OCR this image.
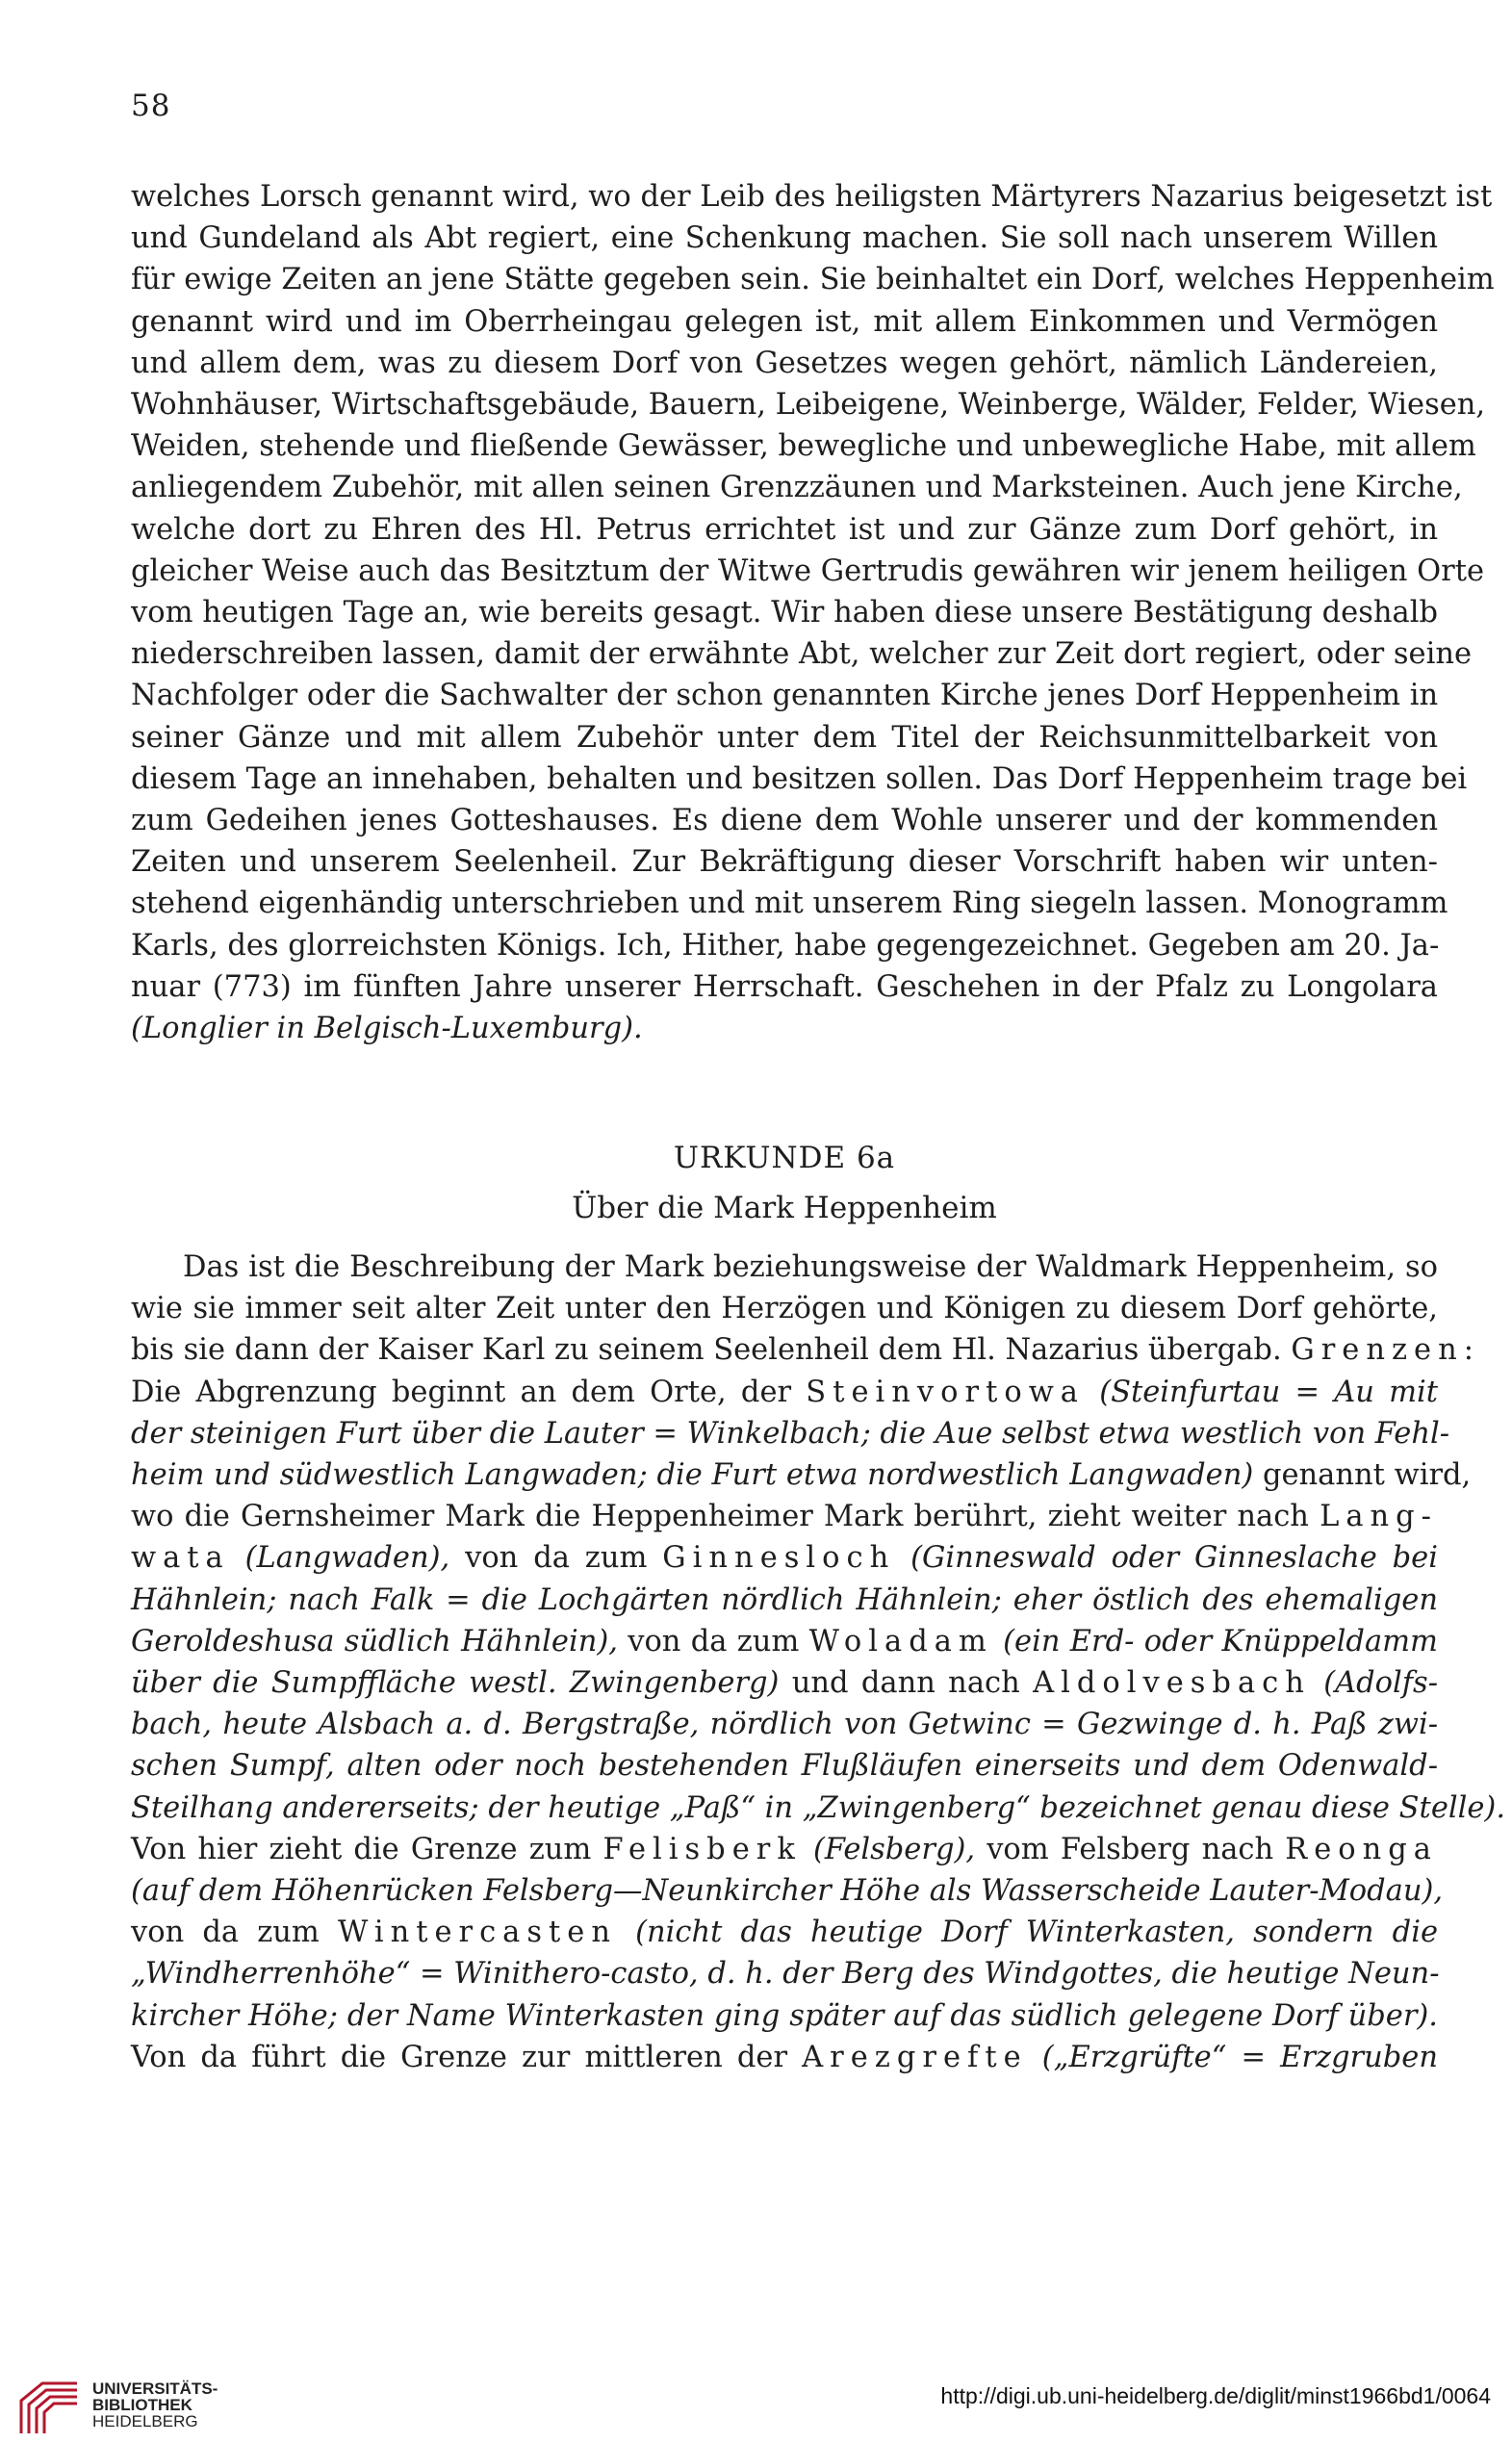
58
welches Lorsch genannt wird, wo der Leib des heiligsten Märtyrers Nazarius beigesetzt ist
und Gundeland als Abt regiert, eine Schenkung machen. Sie soll nach unserem Willen
für ewige Zeiten an jene Stätte gegeben sein. Sie beinhaltet ein Dorf, welches Heppenheim
genannt wird und im Oberrheingau gelegen ist, mit allem Einkommen und Vermögen
und allem dem, was zu diesem Dorf von Gesetzes wegen gehört, nämlich Ländereien,
Wohnhäuser, Wirtschaftsgebäude, Bauern, Leibeigene, Weinberge, Wälder, Felder, Wiesen,
Weiden, stehende und fließende Gewässer, bewegliche und unbewegliche Habe, mit allem
anliegendem Zubehör, mit allen seinen Grenzzäunen und Marksteinen. Auch jene Kirche,
welche dort zu Ehren des Hl. Petrus errichtet ist und zur Gänze zum Dorf gehört, in
gleicher Weise auch das Besitztum der Witwe Gertrudis gewähren wir jenem heiligen Orte
vom heutigen Tage an, wie bereits gesagt. Wir haben diese unsere Bestätigung deshalb
niederschreiben lassen, damit der erwähnte Abt, welcher zur Zeit dort regiert, oder seine
Nachfolger oder die Sachwalter der schon genannten Kirche jenes Dorf Heppenheim in
seiner Gänze und mit allem Zubehör unter dem Titel der Reichsunmittelbarkeit von
diesem Tage an innehaben, behalten und besitzen sollen. Das Dorf Heppenheim trage bei
zum Gedeihen jenes Gotteshauses. Es diene dem Wohle unserer und der kommenden
Zeiten und unserem Seelenheil. Zur Bekräftigung dieser Vorschrift haben wir unten-
stehend eigenhändig unterschrieben und mit unserem Ring siegeln lassen. Monogramm
Karls, des glorreichsten Königs. Ich, Hither, habe gegengezeichnet. Gegeben am 20. Ja-
nuar (773) im fünften Jahre unserer Herrschaft. Geschehen in der Pfalz zu Longolara
(Longlier in Belgisch-Luxemburg).
URKUNDE 6a
Über die Mark Heppenheim
Das ist die Beschreibung der Mark beziehungsweise der Waldmark Heppenheim, so
wie sie immer seit alter Zeit unter den Herzögen und Königen zu diesem Dorf gehörte,
bis sie dann der Kaiser Karl zu seinem Seelenheil dem Hl. Nazarius übergab. Grenzen:
Die Abgrenzung beginnt an dem Orte, der Steinvortowa (Steinfurtau = Au mit
der steinigen Furt über die Lauter = Winkelbach; die Aue selbst etwa westlich von Fehl-
heim und südwestlich Langwaden; die Furt etwa nordwestlich Langwaden) genannt wird,
wo die Gernsheimer Mark die Heppenheimer Mark berührt, zieht weiter nach Lang-
wata (Langwaden), von da zum Ginnesloch (Ginneswald oder Ginneslache bei
Hähnlein; nach Falk = die Lochgärten nördlich Hähnlein; eher östlich des ehemaligen
Geroldeshusa südlich Hähnlein), von da zum Woladam (ein Erd- oder Knüppeldamm
über die Sumpffläche westl. Zwingenberg) und dann nach Aldolvesbach (Adolfs-
bach, heute Alsbach a. d. Bergstraße, nördlich von Getwinc = Gezwinge d. h. Paß zwi-
schen Sumpf, alten oder noch bestehenden Flußläufen einerseits und dem Odenwald-
Steilhang andererseits; der heutige „Paß“ in „Zwingenberg“ bezeichnet genau diese Stelle).
Von hier zieht die Grenze zum Felisberk (Felsberg), vom Felsberg nach Reonga
(auf dem Höhenrücken Felsberg—Neunkircher Höhe als Wasserscheide Lauter-Modau),
von da zum Wintercasten (nicht das heutige Dorf Winterkasten, sondern die
„Windherrenhöhe“ = Winithero-casto, d. h. der Berg des Windgottes, die heutige Neun-
kircher Höhe; der Name Winterkasten ging später auf das südlich gelegene Dorf über).
Von da führt die Grenze zur mittleren der Arezgrefte („Erzgrüfte“ = Erzgruben
UNIVERSITÄTS-
BIBLIOTHEK
HEIDELBERG
http://digi.ub.uni-heidelberg.de/diglit/minst1966bd1/0064
